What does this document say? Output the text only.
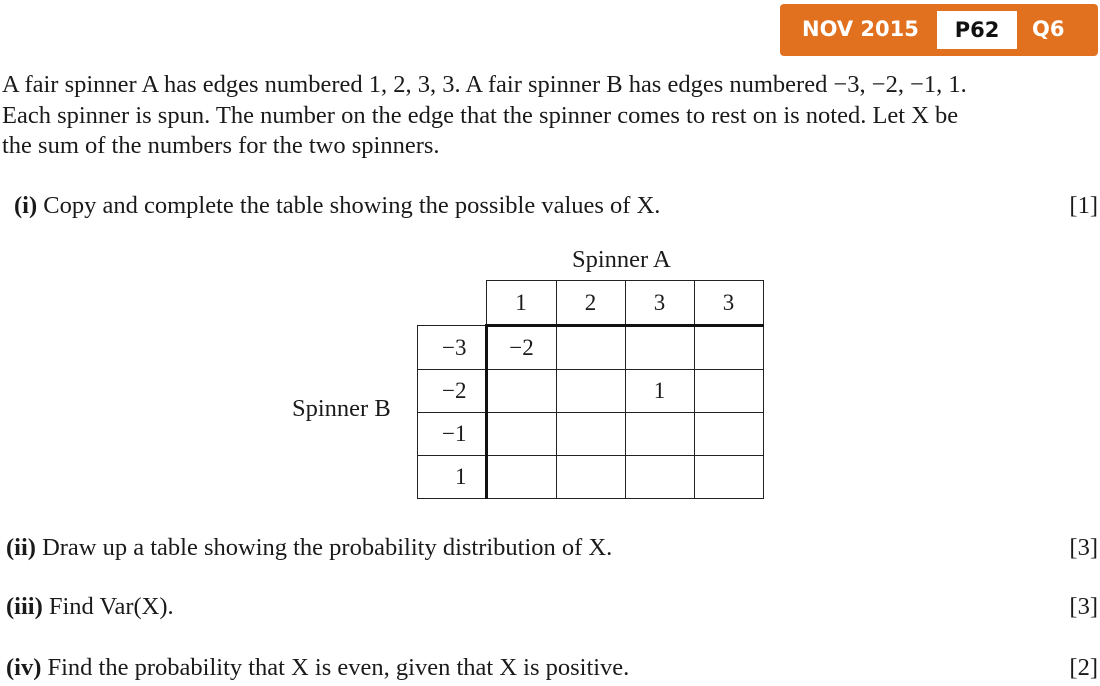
NOV 2015	P62	Q6
A fair spinner A has edges numbered 1, 2, 3, 3. A fair spinner B has edges numbered −3, −2, −1, 1.
Each spinner is spun. The number on the edge that the spinner comes to rest on is noted. Let X be
the sum of the numbers for the two spinners.
(i) Copy and complete the table showing the possible values of X.	[1]
Spinner A
Spinner B
	1	2	3	3
−3	−2			
−2			1	
−1				
1				
(ii) Draw up a table showing the probability distribution of X.	[3]
(iii) Find Var(X).	[3]
(iv) Find the probability that X is even, given that X is positive.	[2]
